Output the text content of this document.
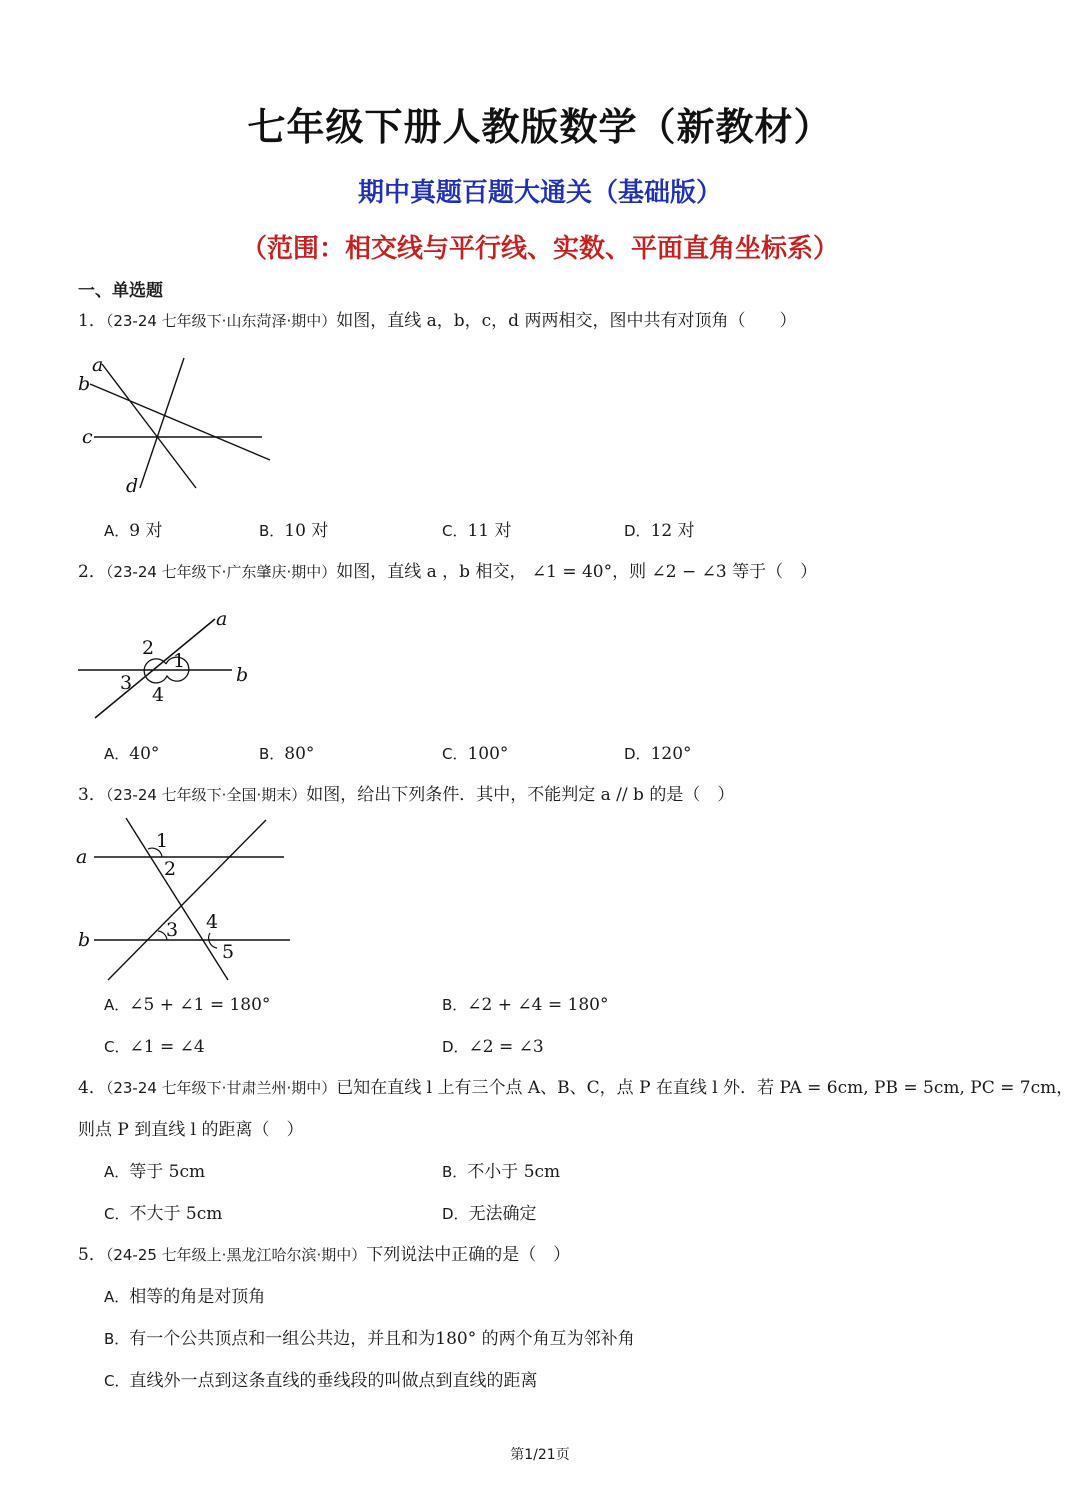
七年级下册人教版数学（新教材）
期中真题百题大通关（基础版）
（范围：相交线与平行线、实数、平面直角坐标系）
一、单选题
1．（23-24 七年级下·山东菏泽·期中）如图，直线 a，b，c，d 两两相交，图中共有对顶角（　　）
a
b
c
d
A．9 对	B．10 对	C．11 对	D．12 对
2．（23-24 七年级下·广东肇庆·期中）如图，直线 a ，b 相交， ∠1 = 40°，则 ∠2 − ∠3 等于（　）
a
b
1
2
3
4
A．40°	B．80°	C．100°	D．120°
3．（23-24 七年级下·全国·期末）如图，给出下列条件．其中，不能判定 a // b 的是（　）
a
b
1
2
3 4
5
A．∠5 + ∠1 = 180°	B．∠2 + ∠4 = 180°
C．∠1 = ∠4	D．∠2 = ∠3
4．（23-24 七年级下·甘肃兰州·期中）已知在直线 l 上有三个点 A、B、C，点 P 在直线 l 外．若 PA = 6cm, PB = 5cm, PC = 7cm，
则点 P 到直线 l 的距离（　）
A．等于 5cm	B．不小于 5cm
C．不大于 5cm	D．无法确定
5．（24-25 七年级上·黑龙江哈尔滨·期中）下列说法中正确的是（　）
A．相等的角是对顶角
B．有一个公共顶点和一组公共边，并且和为180° 的两个角互为邻补角
C．直线外一点到这条直线的垂线段的叫做点到直线的距离
第1/21页
